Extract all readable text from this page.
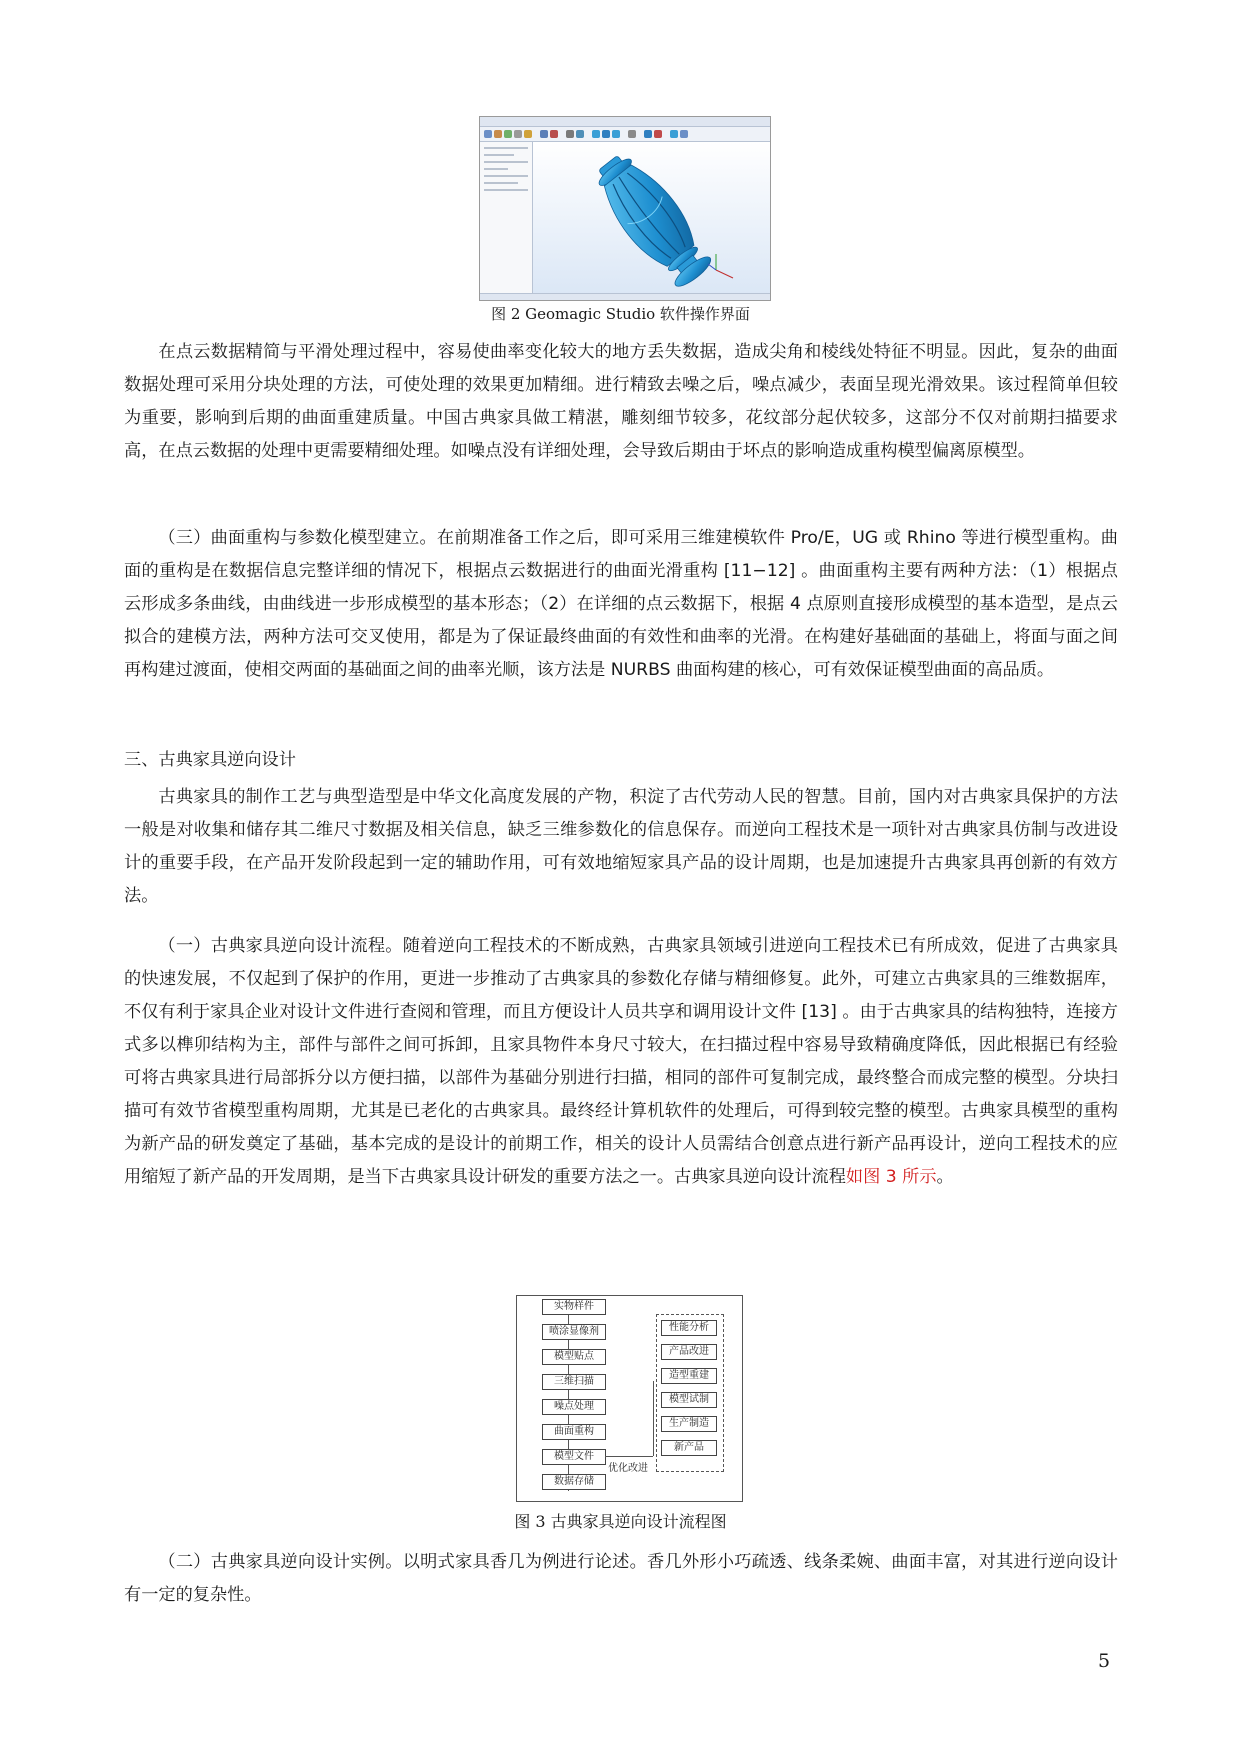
图 2 Geomagic Studio 软件操作界面

在点云数据精简与平滑处理过程中，容易使曲率变化较大的地方丢失数据，造成尖角和棱线处特征不明显。因此，复杂的曲面数据处理可采用分块处理的方法，可使处理的效果更加精细。进行精致去噪之后，噪点减少，表面呈现光滑效果。该过程简单但较为重要，影响到后期的曲面重建质量。中国古典家具做工精湛，雕刻细节较多，花纹部分起伏较多，这部分不仅对前期扫描要求高，在点云数据的处理中更需要精细处理。如噪点没有详细处理，会导致后期由于坏点的影响造成重构模型偏离原模型。

（三）曲面重构与参数化模型建立。在前期准备工作之后，即可采用三维建模软件 Pro/E，UG 或 Rhino 等进行模型重构。曲面的重构是在数据信息完整详细的情况下，根据点云数据进行的曲面光滑重构 [11−12] 。曲面重构主要有两种方法：（1）根据点云形成多条曲线，由曲线进一步形成模型的基本形态；（2）在详细的点云数据下，根据 4 点原则直接形成模型的基本造型，是点云拟合的建模方法，两种方法可交叉使用，都是为了保证最终曲面的有效性和曲率的光滑。在构建好基础面的基础上，将面与面之间再构建过渡面，使相交两面的基础面之间的曲率光顺，该方法是 NURBS 曲面构建的核心，可有效保证模型曲面的高品质。

三、古典家具逆向设计

古典家具的制作工艺与典型造型是中华文化高度发展的产物，积淀了古代劳动人民的智慧。目前，国内对古典家具保护的方法一般是对收集和储存其二维尺寸数据及相关信息，缺乏三维参数化的信息保存。而逆向工程技术是一项针对古典家具仿制与改进设计的重要手段，在产品开发阶段起到一定的辅助作用，可有效地缩短家具产品的设计周期，也是加速提升古典家具再创新的有效方法。

（一）古典家具逆向设计流程。随着逆向工程技术的不断成熟，古典家具领域引进逆向工程技术已有所成效，促进了古典家具的快速发展，不仅起到了保护的作用，更进一步推动了古典家具的参数化存储与精细修复。此外，可建立古典家具的三维数据库，不仅有利于家具企业对设计文件进行查阅和管理，而且方便设计人员共享和调用设计文件 [13] 。由于古典家具的结构独特，连接方式多以榫卯结构为主，部件与部件之间可拆卸，且家具物件本身尺寸较大，在扫描过程中容易导致精确度降低，因此根据已有经验可将古典家具进行局部拆分以方便扫描，以部件为基础分别进行扫描，相同的部件可复制完成，最终整合而成完整的模型。分块扫描可有效节省模型重构周期，尤其是已老化的古典家具。最终经计算机软件的处理后，可得到较完整的模型。古典家具模型的重构为新产品的研发奠定了基础，基本完成的是设计的前期工作，相关的设计人员需结合创意点进行新产品再设计，逆向工程技术的应用缩短了新产品的开发周期，是当下古典家具设计研发的重要方法之一。古典家具逆向设计流程如图 3 所示。

实物样件
喷涂显像剂
模型贴点
三维扫描
噪点处理
曲面重构
模型文件
数据存储
优化改进
性能分析
产品改进
造型重建
模型试制
生产制造
新产品
图 3 古典家具逆向设计流程图

（二）古典家具逆向设计实例。以明式家具香几为例进行论述。香几外形小巧疏透、线条柔婉、曲面丰富，对其进行逆向设计有一定的复杂性。

5
